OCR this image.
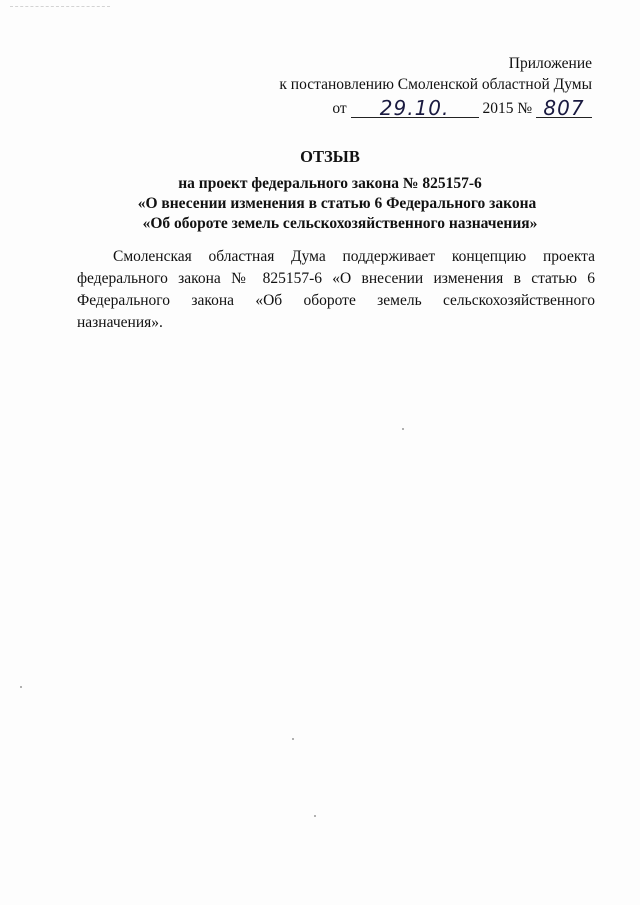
Приложение
к постановлению Смоленской областной Думы
от 29.10. 2015 № 807
ОТЗЫВ
на проект федерального закона № 825157-6
«О внесении изменения в статью 6 Федерального закона
«Об обороте земель сельскохозяйственного назначения»
Смоленская областная Дума поддерживает концепцию проекта федерального закона № 825157-6 «О внесении изменения в статью 6 Федерального закона «Об обороте земель сельскохозяйственного назначения».
